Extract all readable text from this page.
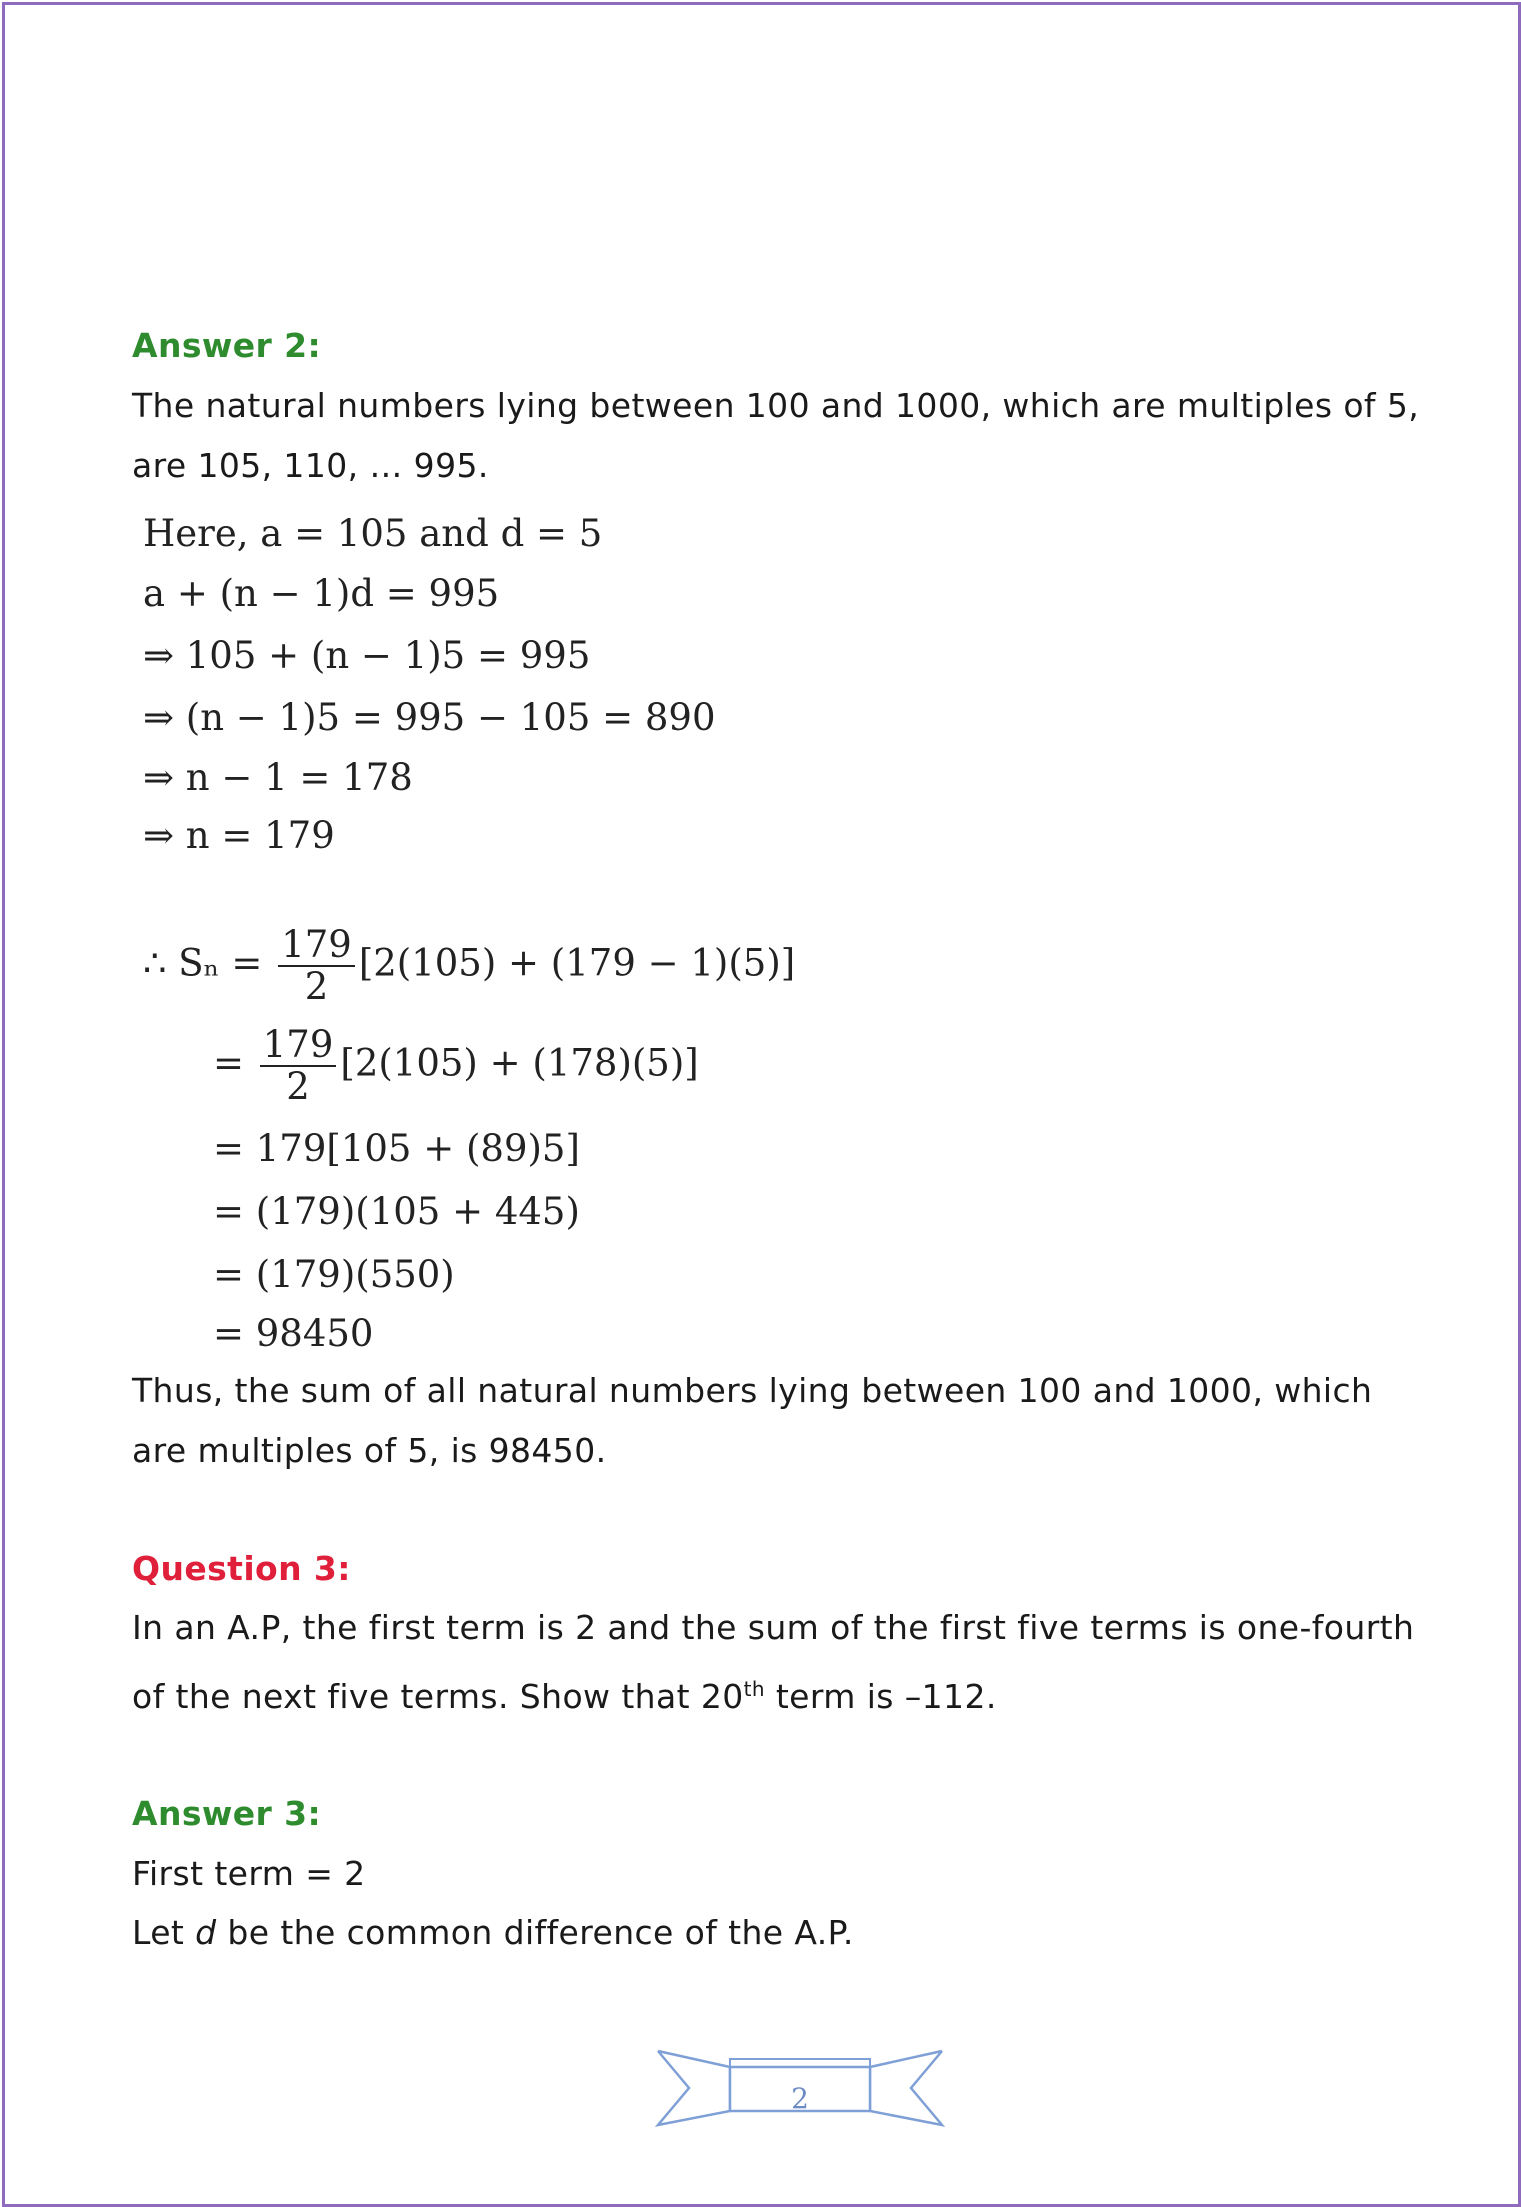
Answer 2:
The natural numbers lying between 100 and 1000, which are multiples of 5,
are 105, 110, … 995.
Here, a = 105 and d = 5
a + (n − 1)d = 995
⇒ 105 + (n − 1)5 = 995
⇒ (n − 1)5 = 995 − 105 = 890
⇒ n − 1 = 178
⇒ n = 179
∴ $S_n = \frac{179}{2} [2(105) + (179 - 1)(5)]$
= $\frac{179}{2} [2(105) + (178)(5)]$
= 179[105 + (89)5]
= (179)(105 + 445)
= (179)(550)
= 98450
Thus, the sum of all natural numbers lying between 100 and 1000, which
are multiples of 5, is 98450.
Question 3:
In an A.P, the first term is 2 and the sum of the first five terms is one-fourth
of the next five terms. Show that 20th term is –112.
Answer 3:
First term = 2
Let d be the common difference of the A.P.
2
